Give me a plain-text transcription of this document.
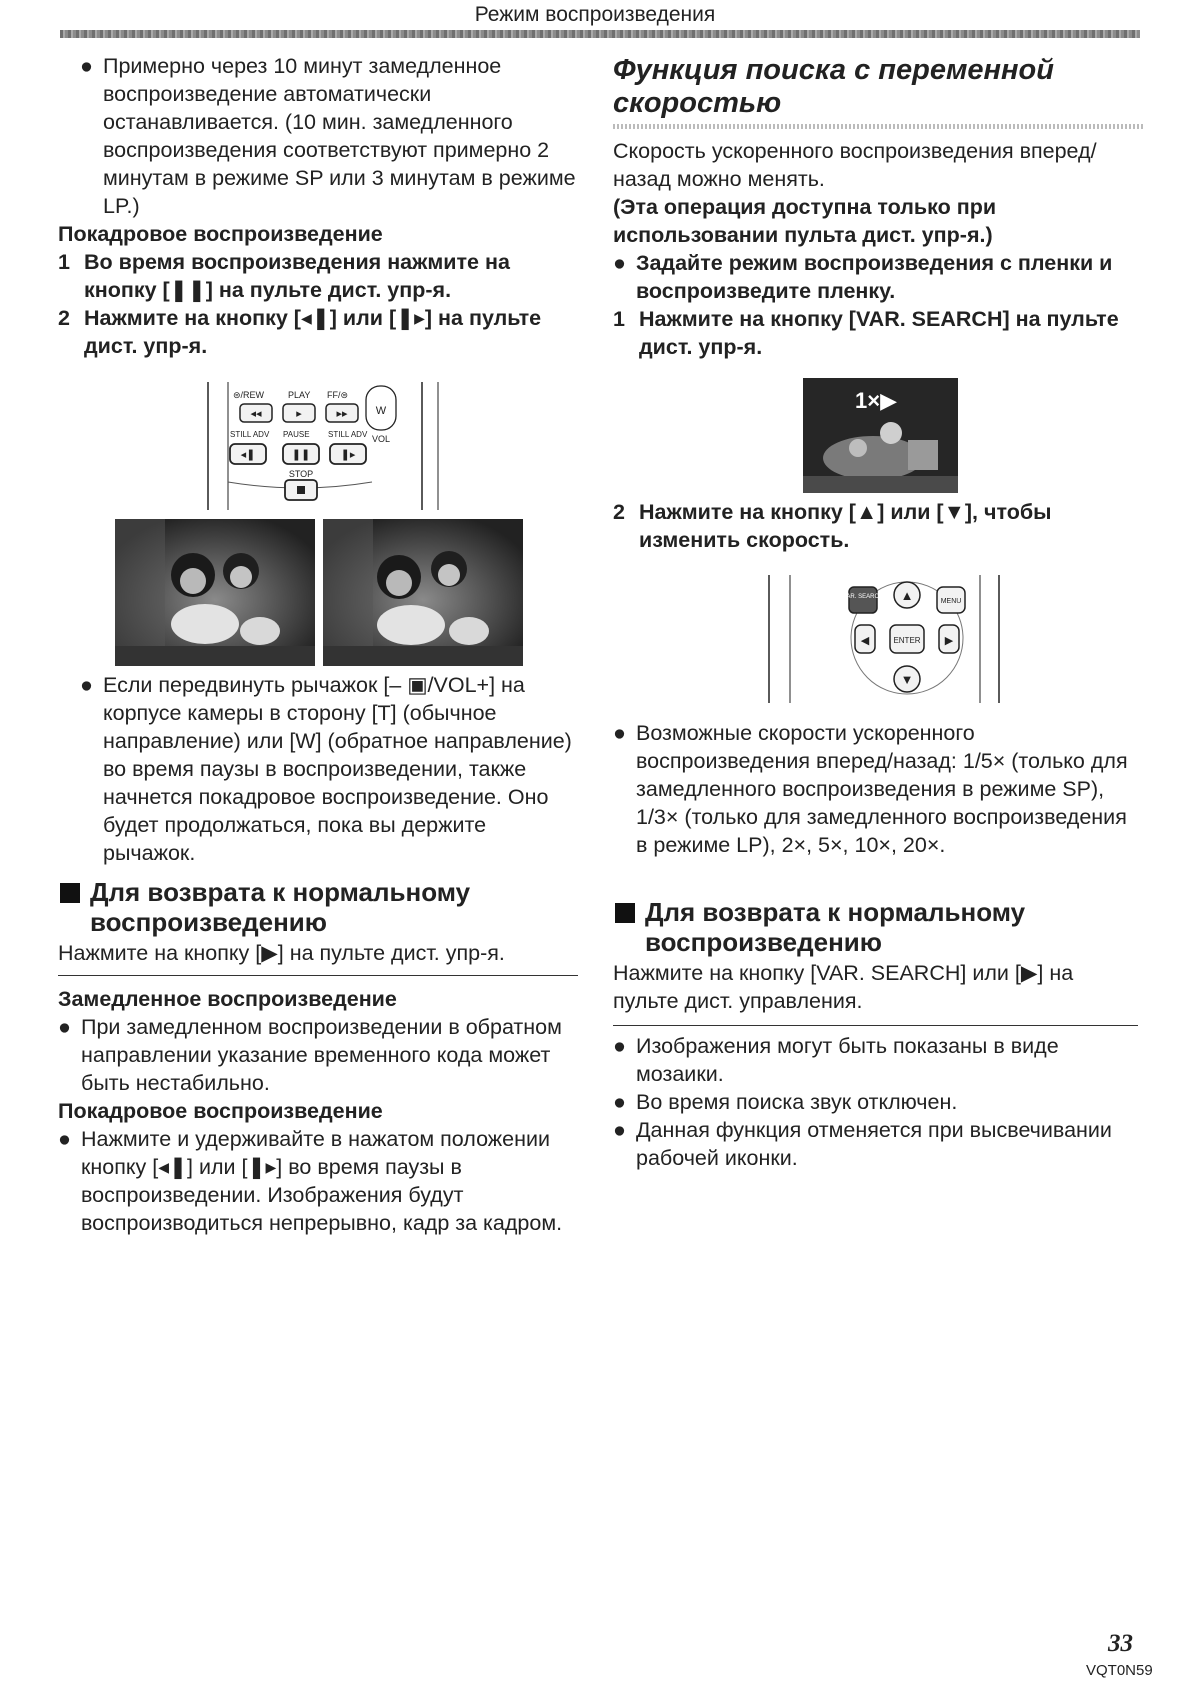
Режим воспроизведения

● Примерно через 10 минут замедленное воспроизведение автоматически останавливается. (10 мин. замедленного воспроизведения соответствуют примерно 2 минутам в режиме SP или 3 минутам в режиме LP.)

Покадровое воспроизведение

1 Во время воспроизведения нажмите на кнопку [❚❚] на пульте дист. упр-я.

2 Нажмите на кнопку [◂❚] или [❚▸] на пульте дист. упр-я.

⊜/REW	PLAY FF/⊜
◂◂	▸	▸▸	W
VOL
STILL ADV PAUSE STILL ADV
◂❚	❚❚	❚▸
STOP

● Если передвинуть рычажок [– ▣/VOL+] на корпусе камеры в сторону [T] (обычное направление) или [W] (обратное направление) во время паузы в воспроизведении, также начнется покадровое воспроизведение. Оно будет продолжаться, пока вы держите рычажок.

Для возврата к нормальному воспроизведению
Нажмите на кнопку [▶] на пульте дист. упр-я.

Замедленное воспроизведение

● При замедленном воспроизведении в обратном направлении указание временного кода может быть нестабильно.

Покадровое воспроизведение

● Нажмите и удерживайте в нажатом положении кнопку [◂❚] или [❚▸] во время паузы в воспроизведении. Изображения будут воспроизводиться непрерывно, кадр за кадром.

Функция поиска с переменной скоростью

Скорость ускоренного воспроизведения вперед/назад можно менять.

(Эта операция доступна только при использовании пульта дист. упр-я.)

● Задайте режим воспроизведения с пленки и воспроизведите пленку.

1 Нажмите на кнопку [VAR. SEARCH] на пульте дист. упр-я.

1×▶

2 Нажмите на кнопку [▲] или [▼], чтобы изменить скорость.

VAR. SEARCH ▲	MENU
◀	ENTER ▶
▼

● Возможные скорости ускоренного воспроизведения вперед/назад: 1/5× (только для замедленного воспроизведения в режиме SP), 1/3× (только для замедленного воспроизведения в режиме LP), 2×, 5×, 10×, 20×.

Для возврата к нормальному воспроизведению
Нажмите на кнопку [VAR. SEARCH] или [▶] на пульте дист. управления.

● Изображения могут быть показаны в виде мозаики.

● Во время поиска звук отключен.

● Данная функция отменяется при высвечивании рабочей иконки.

33
VQT0N59
